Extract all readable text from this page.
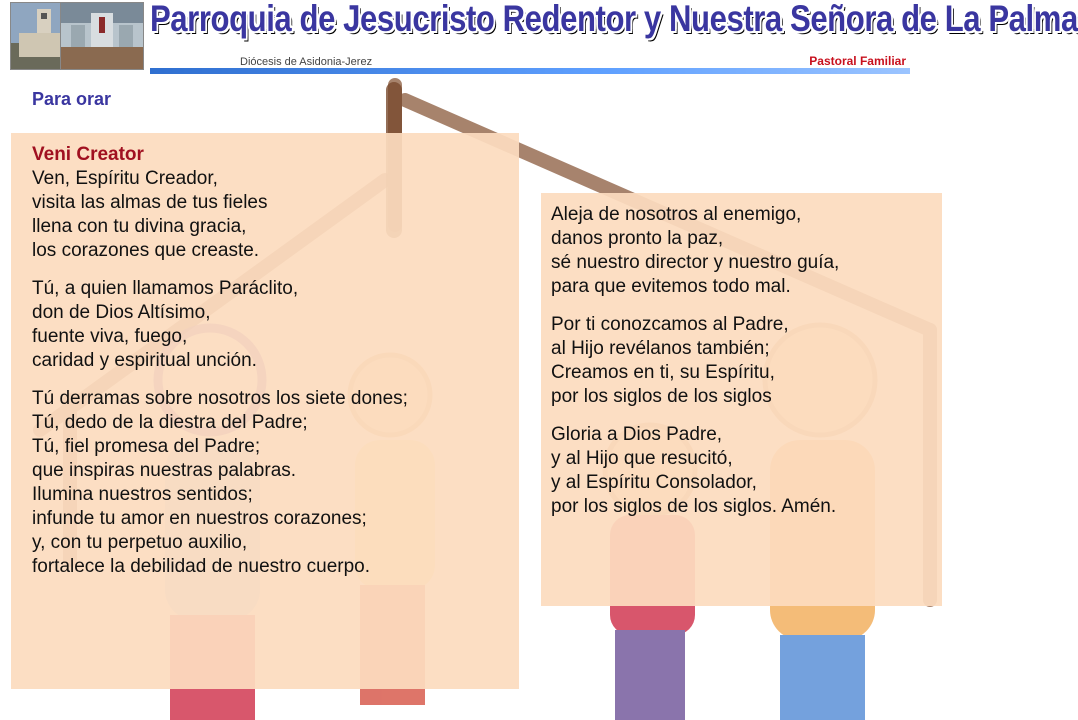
Parroquia de Jesucristo Redentor y Nuestra Señora de La Palma
Diócesis de Asidonia-Jerez	Pastoral Familiar
Para orar
Veni Creator
Ven, Espíritu Creador,
visita las almas de tus fieles
llena con tu divina gracia,
los corazones que creaste.
Tú, a quien llamamos Paráclito,
don de Dios Altísimo,
fuente viva, fuego,
caridad y espiritual unción.
Tú derramas sobre nosotros los siete dones;
Tú, dedo de la diestra del Padre;
Tú, fiel promesa del Padre;
que inspiras nuestras palabras.
Ilumina nuestros sentidos;
infunde tu amor en nuestros corazones;
y, con tu perpetuo auxilio,
fortalece la debilidad de nuestro cuerpo.
Aleja de nosotros al enemigo,
danos pronto la paz,
sé nuestro director y nuestro guía,
para que evitemos todo mal.
Por ti conozcamos al Padre,
al Hijo revélanos también;
Creamos en ti, su Espíritu,
por los siglos de los siglos
Gloria a Dios Padre,
y al Hijo que resucitó,
y al Espíritu Consolador,
por los siglos de los siglos. Amén.
